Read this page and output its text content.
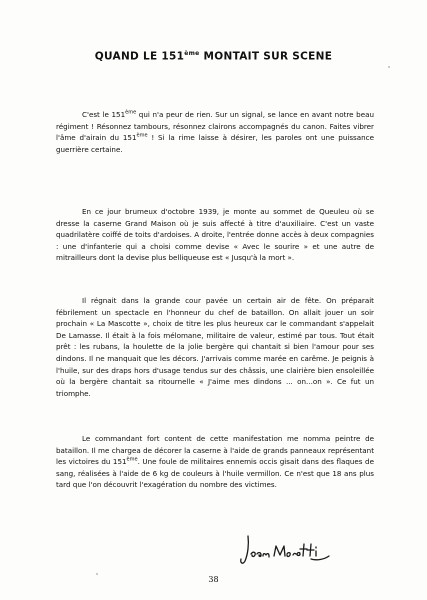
QUAND LE 151ème MONTAIT SUR SCENE

C'est le 151ème qui n'a peur de rien. Sur un signal, se lance en avant notre beau régiment ! Résonnez tambours, résonnez clairons accompagnés du canon. Faites vibrer l'âme d'airain du 151ème ! Si la rime laisse à désirer, les paroles ont une puissance guerrière certaine.

En ce jour brumeux d'octobre 1939, je monte au sommet de Queuleu où se dresse la caserne Grand Maison où je suis affecté à titre d'auxiliaire. C'est un vaste quadrilatère coiffé de toits d'ardoises. A droite, l'entrée donne accès à deux compagnies : une d'infanterie qui a choisi comme devise « Avec le sourire » et une autre de mitrailleurs dont la devise plus belliqueuse est « Jusqu'à la mort ».

Il régnait dans la grande cour pavée un certain air de fête. On préparait fébrilement un spectacle en l'honneur du chef de bataillon. On allait jouer un soir prochain « La Mascotte », choix de titre les plus heureux car le commandant s'appelait De Lamasse. Il était à la fois mélomane, militaire de valeur, estimé par tous. Tout était prêt : les rubans, la houlette de la jolie bergère qui chantait si bien l'amour pour ses dindons. Il ne manquait que les décors. J'arrivais comme marée en carême. Je peignis à l'huile, sur des draps hors d'usage tendus sur des châssis, une clairière bien ensoleillée où la bergère chantait sa ritournelle « J'aime mes dindons ... on...on ». Ce fut un triomphe.

Le commandant fort content de cette manifestation me nomma peintre de bataillon. Il me chargea de décorer la caserne à l'aide de grands panneaux représentant les victoires du 151ème. Une foule de militaires ennemis occis gisait dans des flaques de sang, réalisées à l'aide de 6 kg de couleurs à l'huile vermillon. Ce n'est que 18 ans plus tard que l'on découvrit l'exagération du nombre des victimes.

38
